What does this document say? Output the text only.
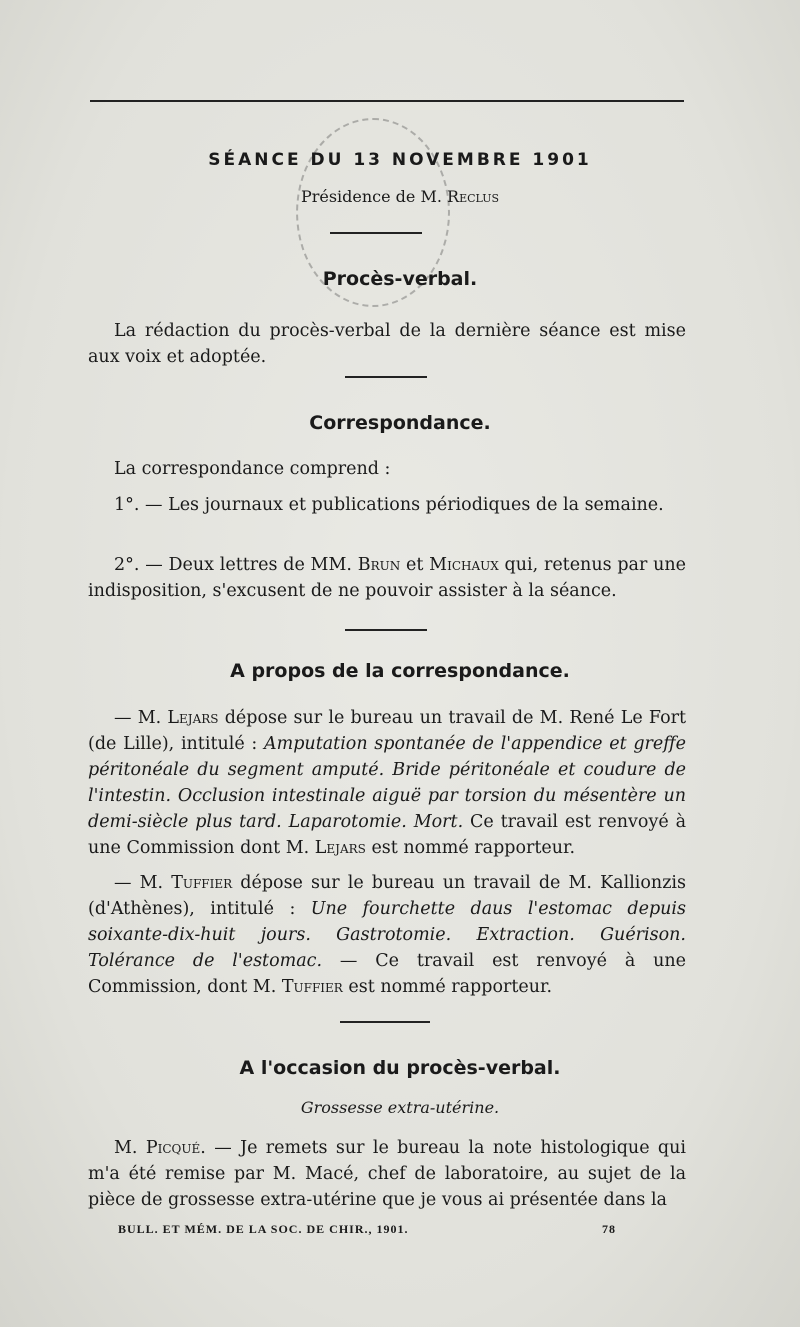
SÉANCE DU 13 NOVEMBRE 1901
Présidence de M. Reclus
Procès-verbal.
La rédaction du procès-verbal de la dernière séance est mise aux voix et adoptée.
Correspondance.
La correspondance comprend :
1°. — Les journaux et publications périodiques de la semaine.
2°. — Deux lettres de MM. Brun et Michaux qui, retenus par une indisposition, s'excusent de ne pouvoir assister à la séance.
A propos de la correspondance.
— M. Lejars dépose sur le bureau un travail de M. René Le Fort (de Lille), intitulé : Amputation spontanée de l'appendice et greffe péritonéale du segment amputé. Bride péritonéale et coudure de l'intestin. Occlusion intestinale aiguë par torsion du mésentère un demi-siècle plus tard. Laparotomie. Mort. Ce travail est renvoyé à une Commission dont M. Lejars est nommé rapporteur.
— M. Tuffier dépose sur le bureau un travail de M. Kallionzis (d'Athènes), intitulé : Une fourchette daus l'estomac depuis soixante-dix-huit jours. Gastrotomie. Extraction. Guérison. Tolérance de l'estomac. — Ce travail est renvoyé à une Commission, dont M. Tuffier est nommé rapporteur.
A l'occasion du procès-verbal.
Grossesse extra-utérine.
M. Picqué. — Je remets sur le bureau la note histologique qui m'a été remise par M. Macé, chef de laboratoire, au sujet de la pièce de grossesse extra-utérine que je vous ai présentée dans la
BULL. ET MÉM. DE LA SOC. DE CHIR., 1901.	78
